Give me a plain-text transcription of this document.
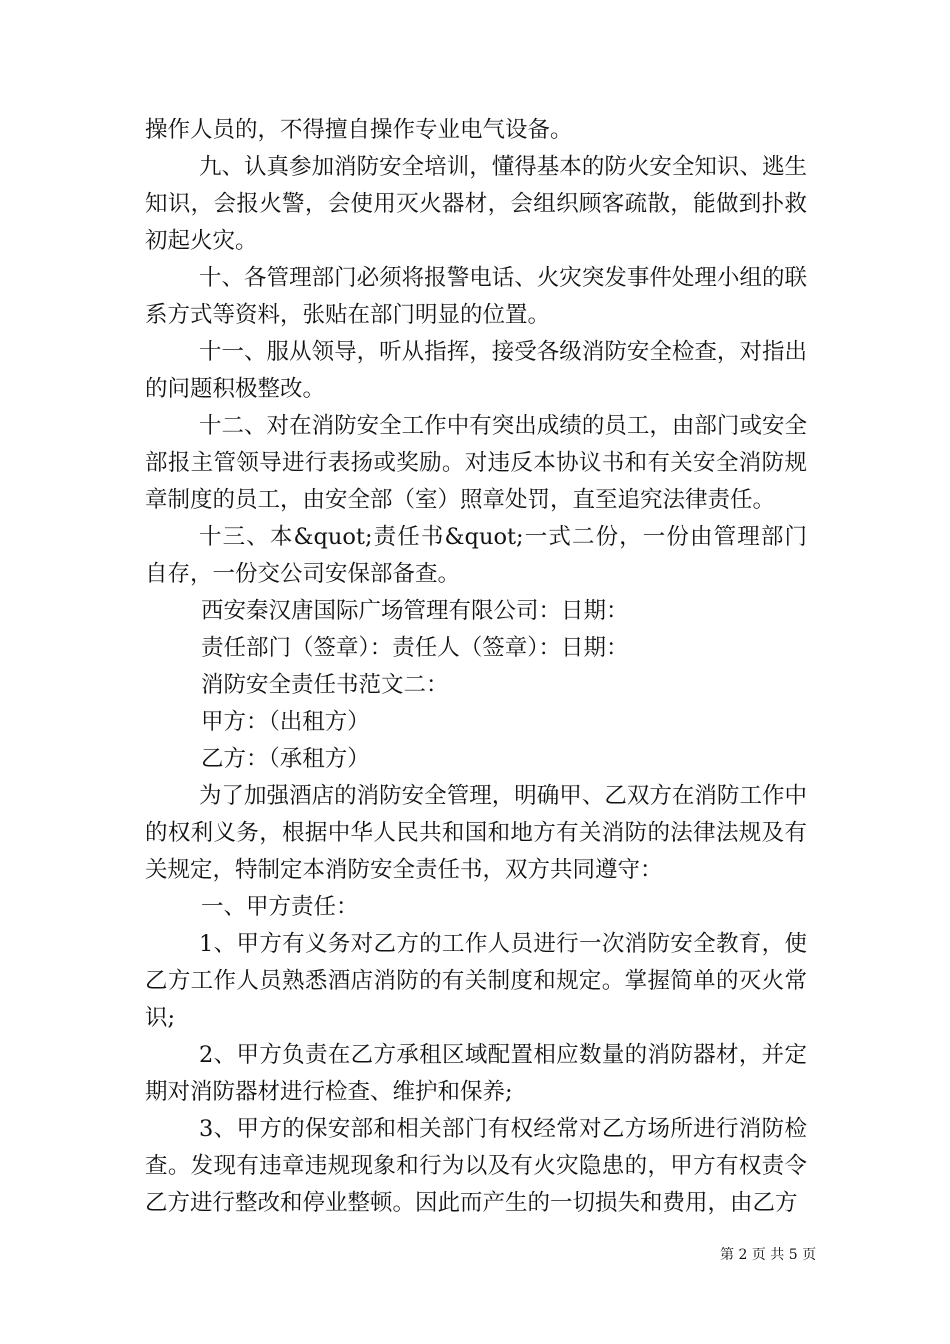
操作人员的，不得擅自操作专业电气设备。

九、认真参加消防安全培训，懂得基本的防火安全知识、逃生知识，会报火警，会使用灭火器材，会组织顾客疏散，能做到扑救初起火灾。

十、各管理部门必须将报警电话、火灾突发事件处理小组的联系方式等资料，张贴在部门明显的位置。

十一、服从领导，听从指挥，接受各级消防安全检查，对指出的问题积极整改。

十二、对在消防安全工作中有突出成绩的员工，由部门或安全部报主管领导进行表扬或奖励。对违反本协议书和有关安全消防规章制度的员工，由安全部（室）照章处罚，直至追究法律责任。

十三、本&quot;责任书&quot;一式二份，一份由管理部门自存，一份交公司安保部备查。

西安秦汉唐国际广场管理有限公司：日期：

责任部门（签章）：责任人（签章）：日期：

消防安全责任书范文二：

甲方：（出租方）

乙方：（承租方）

为了加强酒店的消防安全管理，明确甲、乙双方在消防工作中的权利义务，根据中华人民共和国和地方有关消防的法律法规及有关规定，特制定本消防安全责任书，双方共同遵守：

一、甲方责任：

1、甲方有义务对乙方的工作人员进行一次消防安全教育，使乙方工作人员熟悉酒店消防的有关制度和规定。掌握简单的灭火常识;

2、甲方负责在乙方承租区域配置相应数量的消防器材，并定期对消防器材进行检查、维护和保养;

3、甲方的保安部和相关部门有权经常对乙方场所进行消防检查。发现有违章违规现象和行为以及有火灾隐患的，甲方有权责令乙方进行整改和停业整顿。因此而产生的一切损失和费用，由乙方

第 2 页 共 5 页
